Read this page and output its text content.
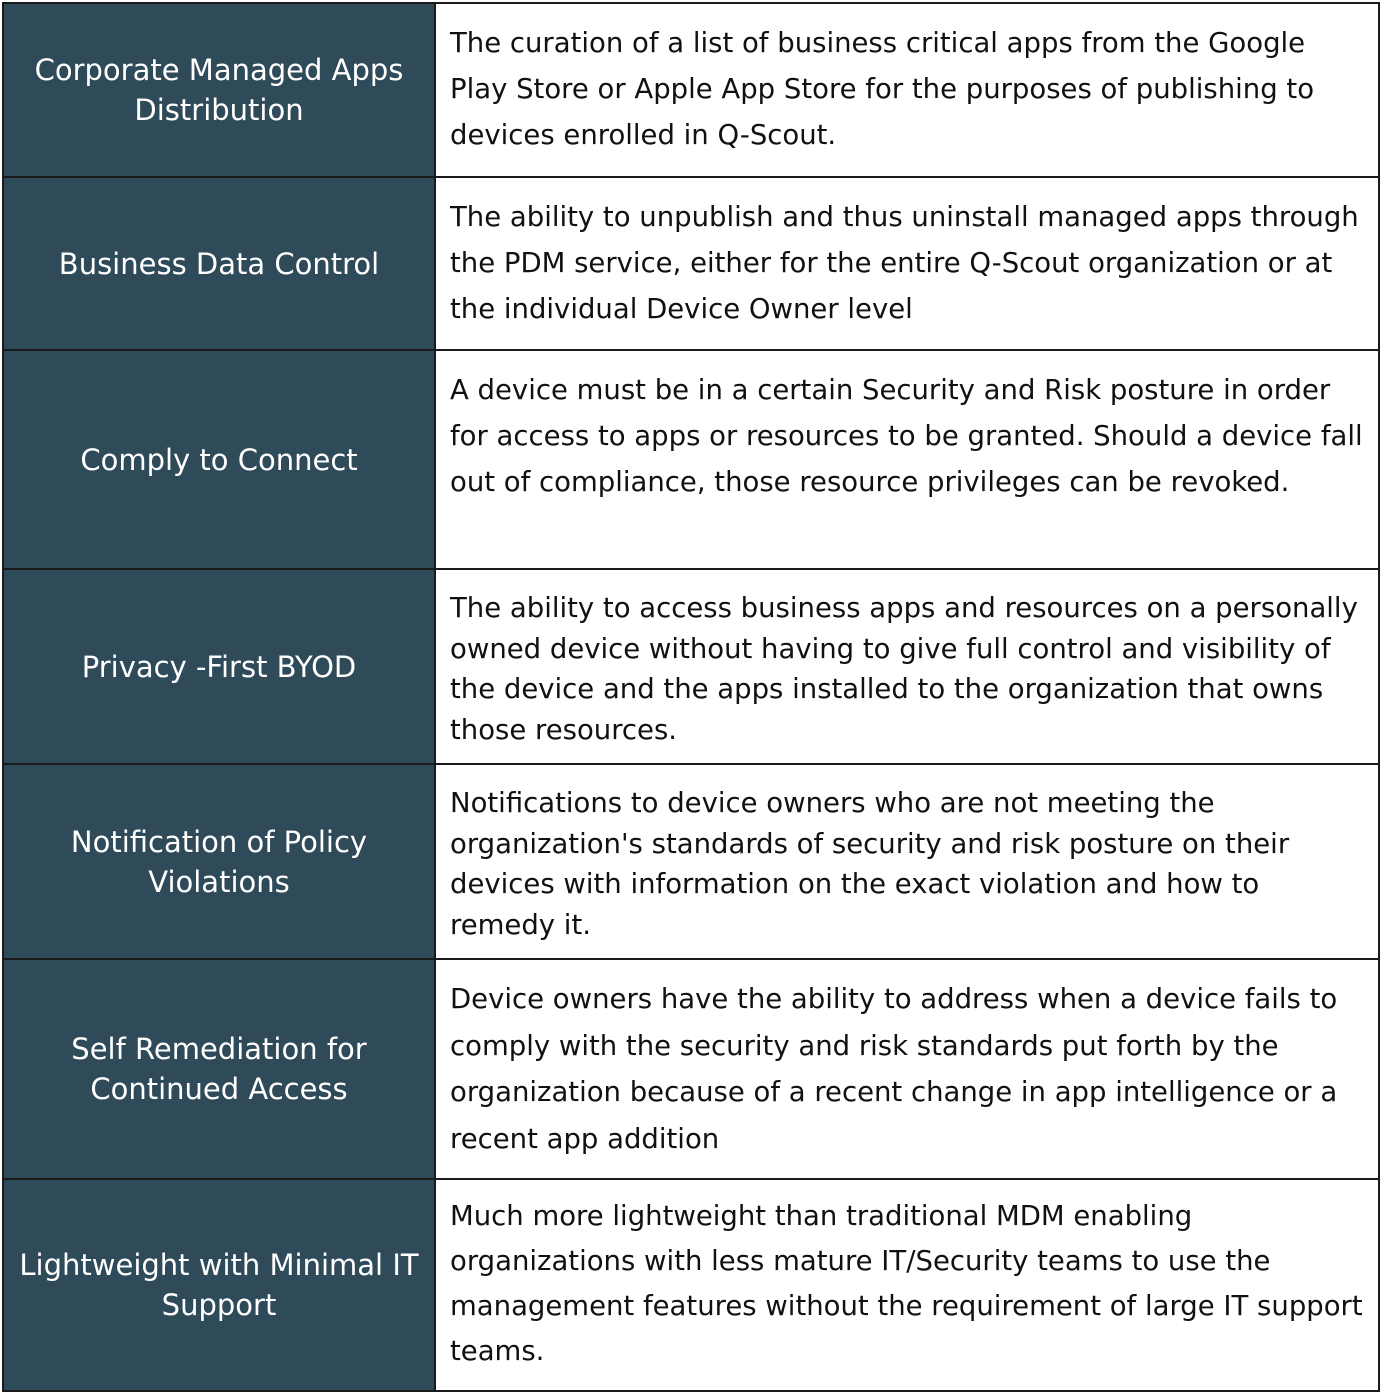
Corporate Managed Apps Distribution	The curation of a list of business critical apps from the Google Play Store or Apple App Store for the purposes of publishing to devices enrolled in Q-Scout.
Business Data Control	The ability to unpublish and thus uninstall managed apps through the PDM service, either for the entire Q-Scout organization or at the individual Device Owner level
Comply to Connect	A device must be in a certain Security and Risk posture in order for access to apps or resources to be granted. Should a device fall out of compliance, those resource privileges can be revoked.
Privacy -First BYOD	The ability to access business apps and resources on a personally owned device without having to give full control and visibility of the device and the apps installed to the organization that owns those resources.
Notification of Policy Violations	Notifications to device owners who are not meeting the organization's standards of security and risk posture on their devices with information on the exact violation and how to remedy it.
Self Remediation for Continued Access	Device owners have the ability to address when a device fails to comply with the security and risk standards put forth by the organization because of a recent change in app intelligence or a recent app addition
Lightweight with Minimal IT Support	Much more lightweight than traditional MDM enabling organizations with less mature IT/Security teams to use the management features without the requirement of large IT support teams.
